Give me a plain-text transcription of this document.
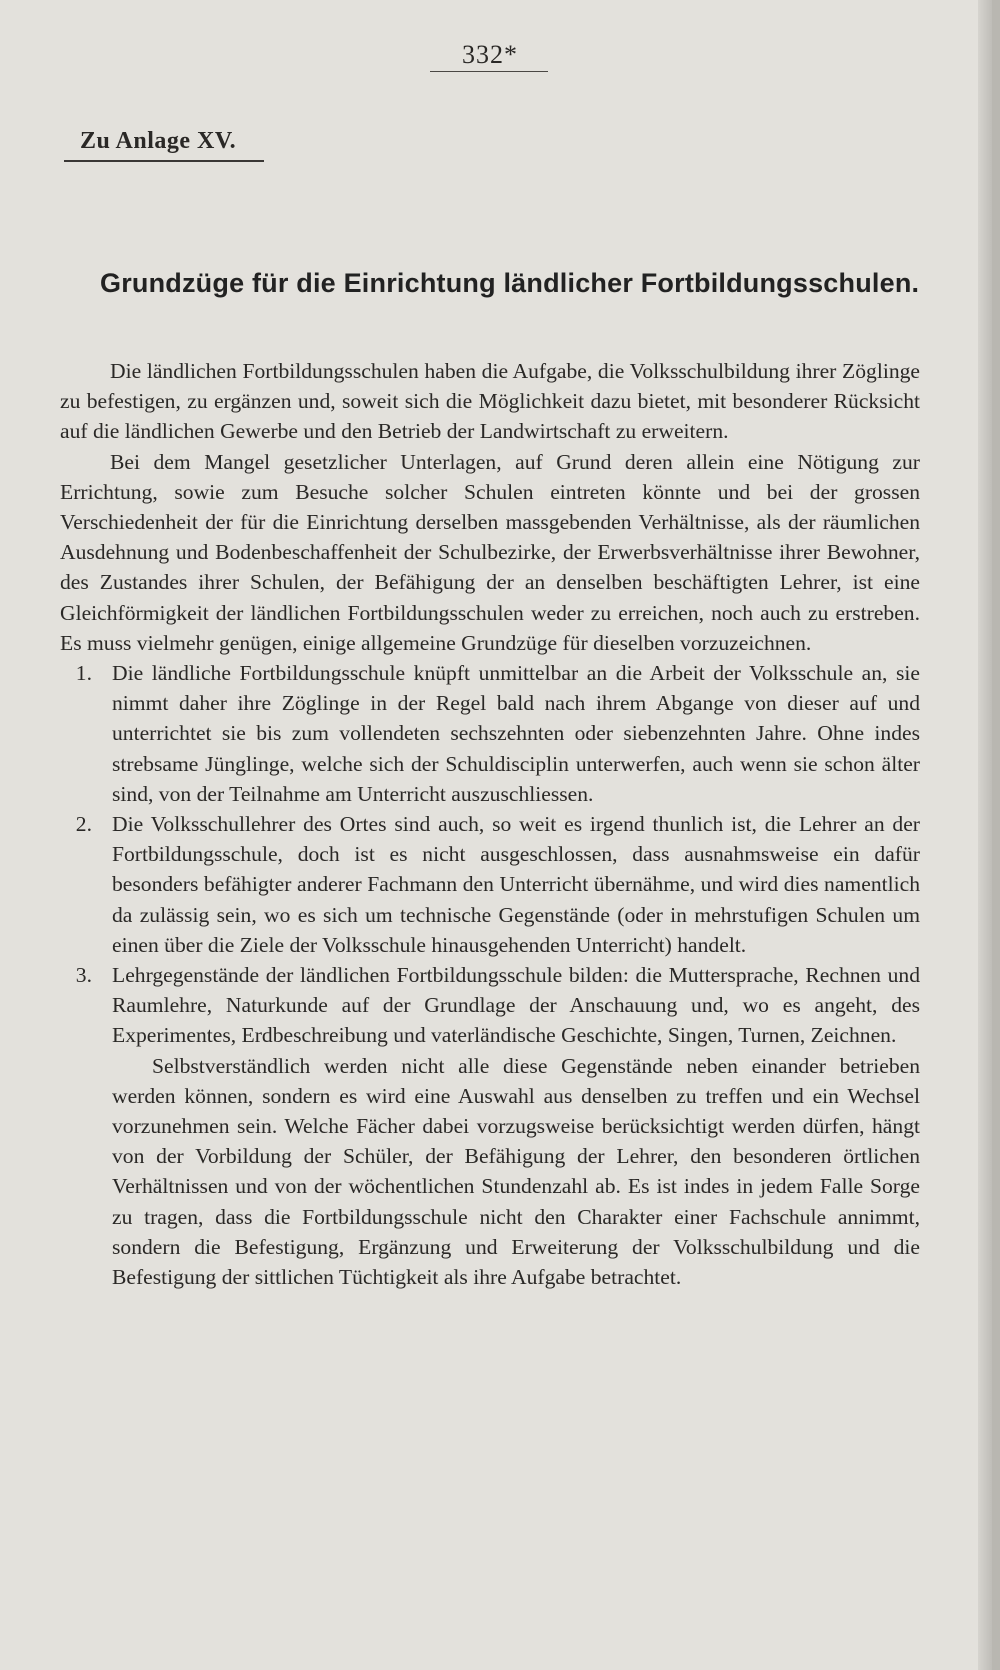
332*
Zu Anlage XV.
Grundzüge für die Einrichtung ländlicher Fortbildungsschulen.

Die ländlichen Fortbildungsschulen haben die Aufgabe, die Volksschulbildung ihrer Zöglinge zu befestigen, zu ergänzen und, soweit sich die Möglichkeit dazu bietet, mit besonderer Rücksicht auf die ländlichen Gewerbe und den Betrieb der Landwirtschaft zu erweitern.

Bei dem Mangel gesetzlicher Unterlagen, auf Grund deren allein eine Nötigung zur Errichtung, sowie zum Besuche solcher Schulen eintreten könnte und bei der grossen Verschiedenheit der für die Einrichtung derselben massgebenden Verhältnisse, als der räumlichen Ausdehnung und Bodenbeschaffenheit der Schulbezirke, der Erwerbsverhältnisse ihrer Bewohner, des Zustandes ihrer Schulen, der Befähigung der an denselben beschäftigten Lehrer, ist eine Gleichförmigkeit der ländlichen Fortbildungsschulen weder zu erreichen, noch auch zu erstreben. Es muss vielmehr genügen, einige allgemeine Grundzüge für dieselben vorzuzeichnen.

1. Die ländliche Fortbildungsschule knüpft unmittelbar an die Arbeit der Volksschule an, sie nimmt daher ihre Zöglinge in der Regel bald nach ihrem Abgange von dieser auf und unterrichtet sie bis zum vollendeten sechszehnten oder siebenzehnten Jahre. Ohne indes strebsame Jünglinge, welche sich der Schuldisciplin unterwerfen, auch wenn sie schon älter sind, von der Teilnahme am Unterricht auszuschliessen.
2. Die Volksschullehrer des Ortes sind auch, so weit es irgend thunlich ist, die Lehrer an der Fortbildungsschule, doch ist es nicht ausgeschlossen, dass ausnahmsweise ein dafür besonders befähigter anderer Fachmann den Unterricht übernähme, und wird dies namentlich da zulässig sein, wo es sich um technische Gegenstände (oder in mehrstufigen Schulen um einen über die Ziele der Volksschule hinausgehenden Unterricht) handelt.
3. Lehrgegenstände der ländlichen Fortbildungsschule bilden: die Muttersprache, Rechnen und Raumlehre, Naturkunde auf der Grundlage der Anschauung und, wo es angeht, des Experimentes, Erdbeschreibung und vaterländische Geschichte, Singen, Turnen, Zeichnen.

Selbstverständlich werden nicht alle diese Gegenstände neben einander betrieben werden können, sondern es wird eine Auswahl aus denselben zu treffen und ein Wechsel vorzunehmen sein. Welche Fächer dabei vorzugsweise berücksichtigt werden dürfen, hängt von der Vorbildung der Schüler, der Befähigung der Lehrer, den besonderen örtlichen Verhältnissen und von der wöchentlichen Stundenzahl ab. Es ist indes in jedem Falle Sorge zu tragen, dass die Fortbildungsschule nicht den Charakter einer Fachschule annimmt, sondern die Befestigung, Ergänzung und Erweiterung der Volksschulbildung und die Befestigung der sittlichen Tüchtigkeit als ihre Aufgabe betrachtet.
